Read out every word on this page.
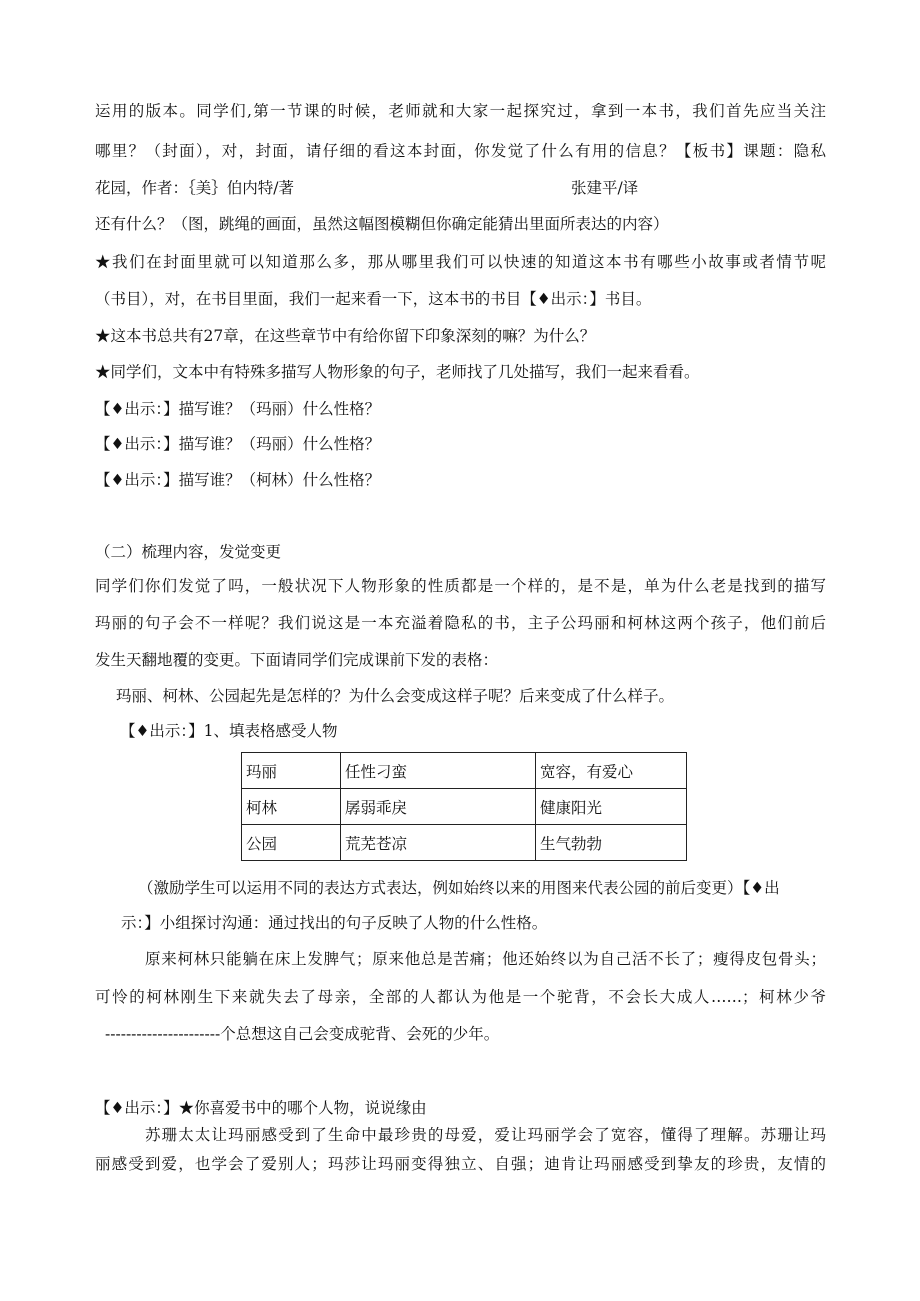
运用的版本。同学们,第一节课的时候，老师就和大家一起探究过，拿到一本书，我们首先应当关注
哪里？（封面），对，封面，请仔细的看这本封面，你发觉了什么有用的信息？【板书】课题：隐私
花园，作者：｛美｝伯内特/著	张建平/译
还有什么？（图，跳绳的画面，虽然这幅图模糊但你确定能猜出里面所表达的内容）
★我们在封面里就可以知道那么多，那从哪里我们可以快速的知道这本书有哪些小故事或者情节呢
（书目），对，在书目里面，我们一起来看一下，这本书的书目【♦出示：】书目。
★这本书总共有27章，在这些章节中有给你留下印象深刻的嘛？为什么？
★同学们，文本中有特殊多描写人物形象的句子，老师找了几处描写，我们一起来看看。
【♦出示：】描写谁？（玛丽）什么性格？
【♦出示：】描写谁？（玛丽）什么性格？
【♦出示：】描写谁？（柯林）什么性格？
（二）梳理内容，发觉变更
同学们你们发觉了吗，一般状况下人物形象的性质都是一个样的，是不是，单为什么老是找到的描写
玛丽的句子会不一样呢？我们说这是一本充溢着隐私的书，主子公玛丽和柯林这两个孩子，他们前后
发生天翻地覆的变更。下面请同学们完成课前下发的表格：
玛丽、柯林、公园起先是怎样的？为什么会变成这样子呢？后来变成了什么样子。
【♦出示：】1、填表格感受人物
玛丽	任性刁蛮	宽容，有爱心
柯林	孱弱乖戾	健康阳光
公园	荒芜苍凉	生气勃勃
（激励学生可以运用不同的表达方式表达，例如始终以来的用图来代表公园的前后变更）【♦出
示：】小组探讨沟通：通过找出的句子反映了人物的什么性格。
原来柯林只能躺在床上发脾气；原来他总是苦痛；他还始终以为自己活不长了；瘦得皮包骨头；
可怜的柯林刚生下来就失去了母亲，全部的人都认为他是一个驼背，不会长大成人……；柯林少爷
----------------------个总想这自己会变成驼背、会死的少年。
【♦出示：】★你喜爱书中的哪个人物，说说缘由
苏珊太太让玛丽感受到了生命中最珍贵的母爱，爱让玛丽学会了宽容，懂得了理解。苏珊让玛
丽感受到爱，也学会了爱别人；玛莎让玛丽变得独立、自强；迪肯让玛丽感受到挚友的珍贵，友情的
